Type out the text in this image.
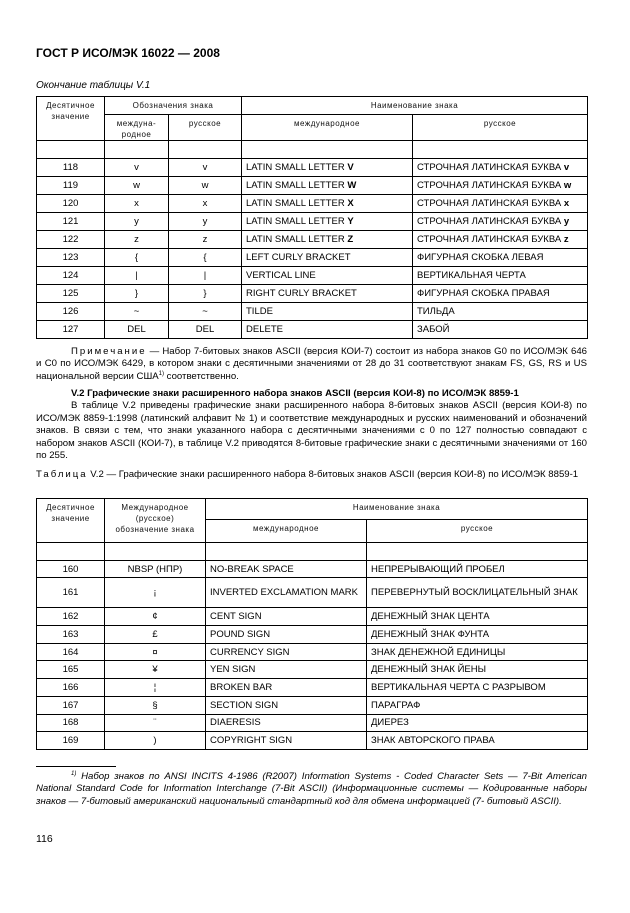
ГОСТ Р ИСО/МЭК 16022 — 2008
Окончание таблицы V.1
Десятичное значение	Обозначения знака		Наименование знака	
	междуна-родное	русское	международное	русское

118	v	v	LATIN SMALL LETTER V	СТРОЧНАЯ ЛАТИНСКАЯ БУКВА v
119	w	w	LATIN SMALL LETTER W	СТРОЧНАЯ ЛАТИНСКАЯ БУКВА w
120	x	x	LATIN SMALL LETTER X	СТРОЧНАЯ ЛАТИНСКАЯ БУКВА x
121	y	y	LATIN SMALL LETTER Y	СТРОЧНАЯ ЛАТИНСКАЯ БУКВА y
122	z	z	LATIN SMALL LETTER Z	СТРОЧНАЯ ЛАТИНСКАЯ БУКВА z
123	{	{	LEFT CURLY BRACKET	ФИГУРНАЯ СКОБКА ЛЕВАЯ
124	|	|	VERTICAL LINE	ВЕРТИКАЛЬНАЯ ЧЕРТА
125	}	}	RIGHT CURLY BRACKET	ФИГУРНАЯ СКОБКА ПРАВАЯ
126	~	~	TILDE	ТИЛЬДА
127	DEL	DEL	DELETE	ЗАБОЙ

Примечание — Набор 7-битовых знаков ASCII (версия КОИ-7) состоит из набора знаков G0 по ИСО/МЭК 646 и C0 по ИСО/МЭК 6429, в котором знаки с десятичными значениями от 28 до 31 соответствуют знакам FS, GS, RS и US национальной версии США$^{1)}$ соответственно.

V.2 Графические знаки расширенного набора знаков ASCII (версия КОИ-8) по ИСО/МЭК 8859-1

В таблице V.2 приведены графические знаки расширенного набора 8-битовых знаков ASCII (версия КОИ-8) по ИСО/МЭК 8859-1:1998 (латинский алфавит № 1) и соответствие международных и русских наименований и обозначений знаков. В связи с тем, что знаки указанного набора с десятичными значениями с 0 по 127 полностью совпадают с набором знаков ASCII (КОИ-7), в таблице V.2 приводятся 8-битовые графические знаки с десятичными значениями от 160 по 255.

Таблица V.2 — Графические знаки расширенного набора 8-битовых знаков ASCII (версия КОИ-8) по ИСО/МЭК 8859-1
Десятичное значение	Международное (русское) обозначение знака	Наименование знака	
		международное	русское

160	NBSP (НПР)	NO-BREAK SPACE	НЕПРЕРЫВАЮЩИЙ ПРОБЕЛ
161	¡	INVERTED EXCLAMATION MARK	ПЕРЕВЕРНУТЫЙ ВОСКЛИЦАТЕЛЬНЫЙ ЗНАК
162	¢	CENT SIGN	ДЕНЕЖНЫЙ ЗНАК ЦЕНТА
163	£	POUND SIGN	ДЕНЕЖНЫЙ ЗНАК ФУНТА
164	¤	CURRENCY SIGN	ЗНАК ДЕНЕЖНОЙ ЕДИНИЦЫ
165	¥	YEN SIGN	ДЕНЕЖНЫЙ ЗНАК ЙЕНЫ
166	¦	BROKEN BAR	ВЕРТИКАЛЬНАЯ ЧЕРТА С РАЗРЫВОМ
167	§	SECTION SIGN	ПАРАГРАФ
168	¨	DIAERESIS	ДИЕРЕЗ
169	)	COPYRIGHT SIGN	ЗНАК АВТОРСКОГО ПРАВА

$^{1)}$ Набор знаков по ANSI INCITS 4-1986 (R2007) Information Systems - Coded Character Sets — 7-Bit American National Standard Code for Information Interchange (7-Bit ASCII) (Информационные системы — Кодированные наборы знаков — 7-битовый американский национальный стандартный код для обмена информацией (7- битовый ASCII).

116
